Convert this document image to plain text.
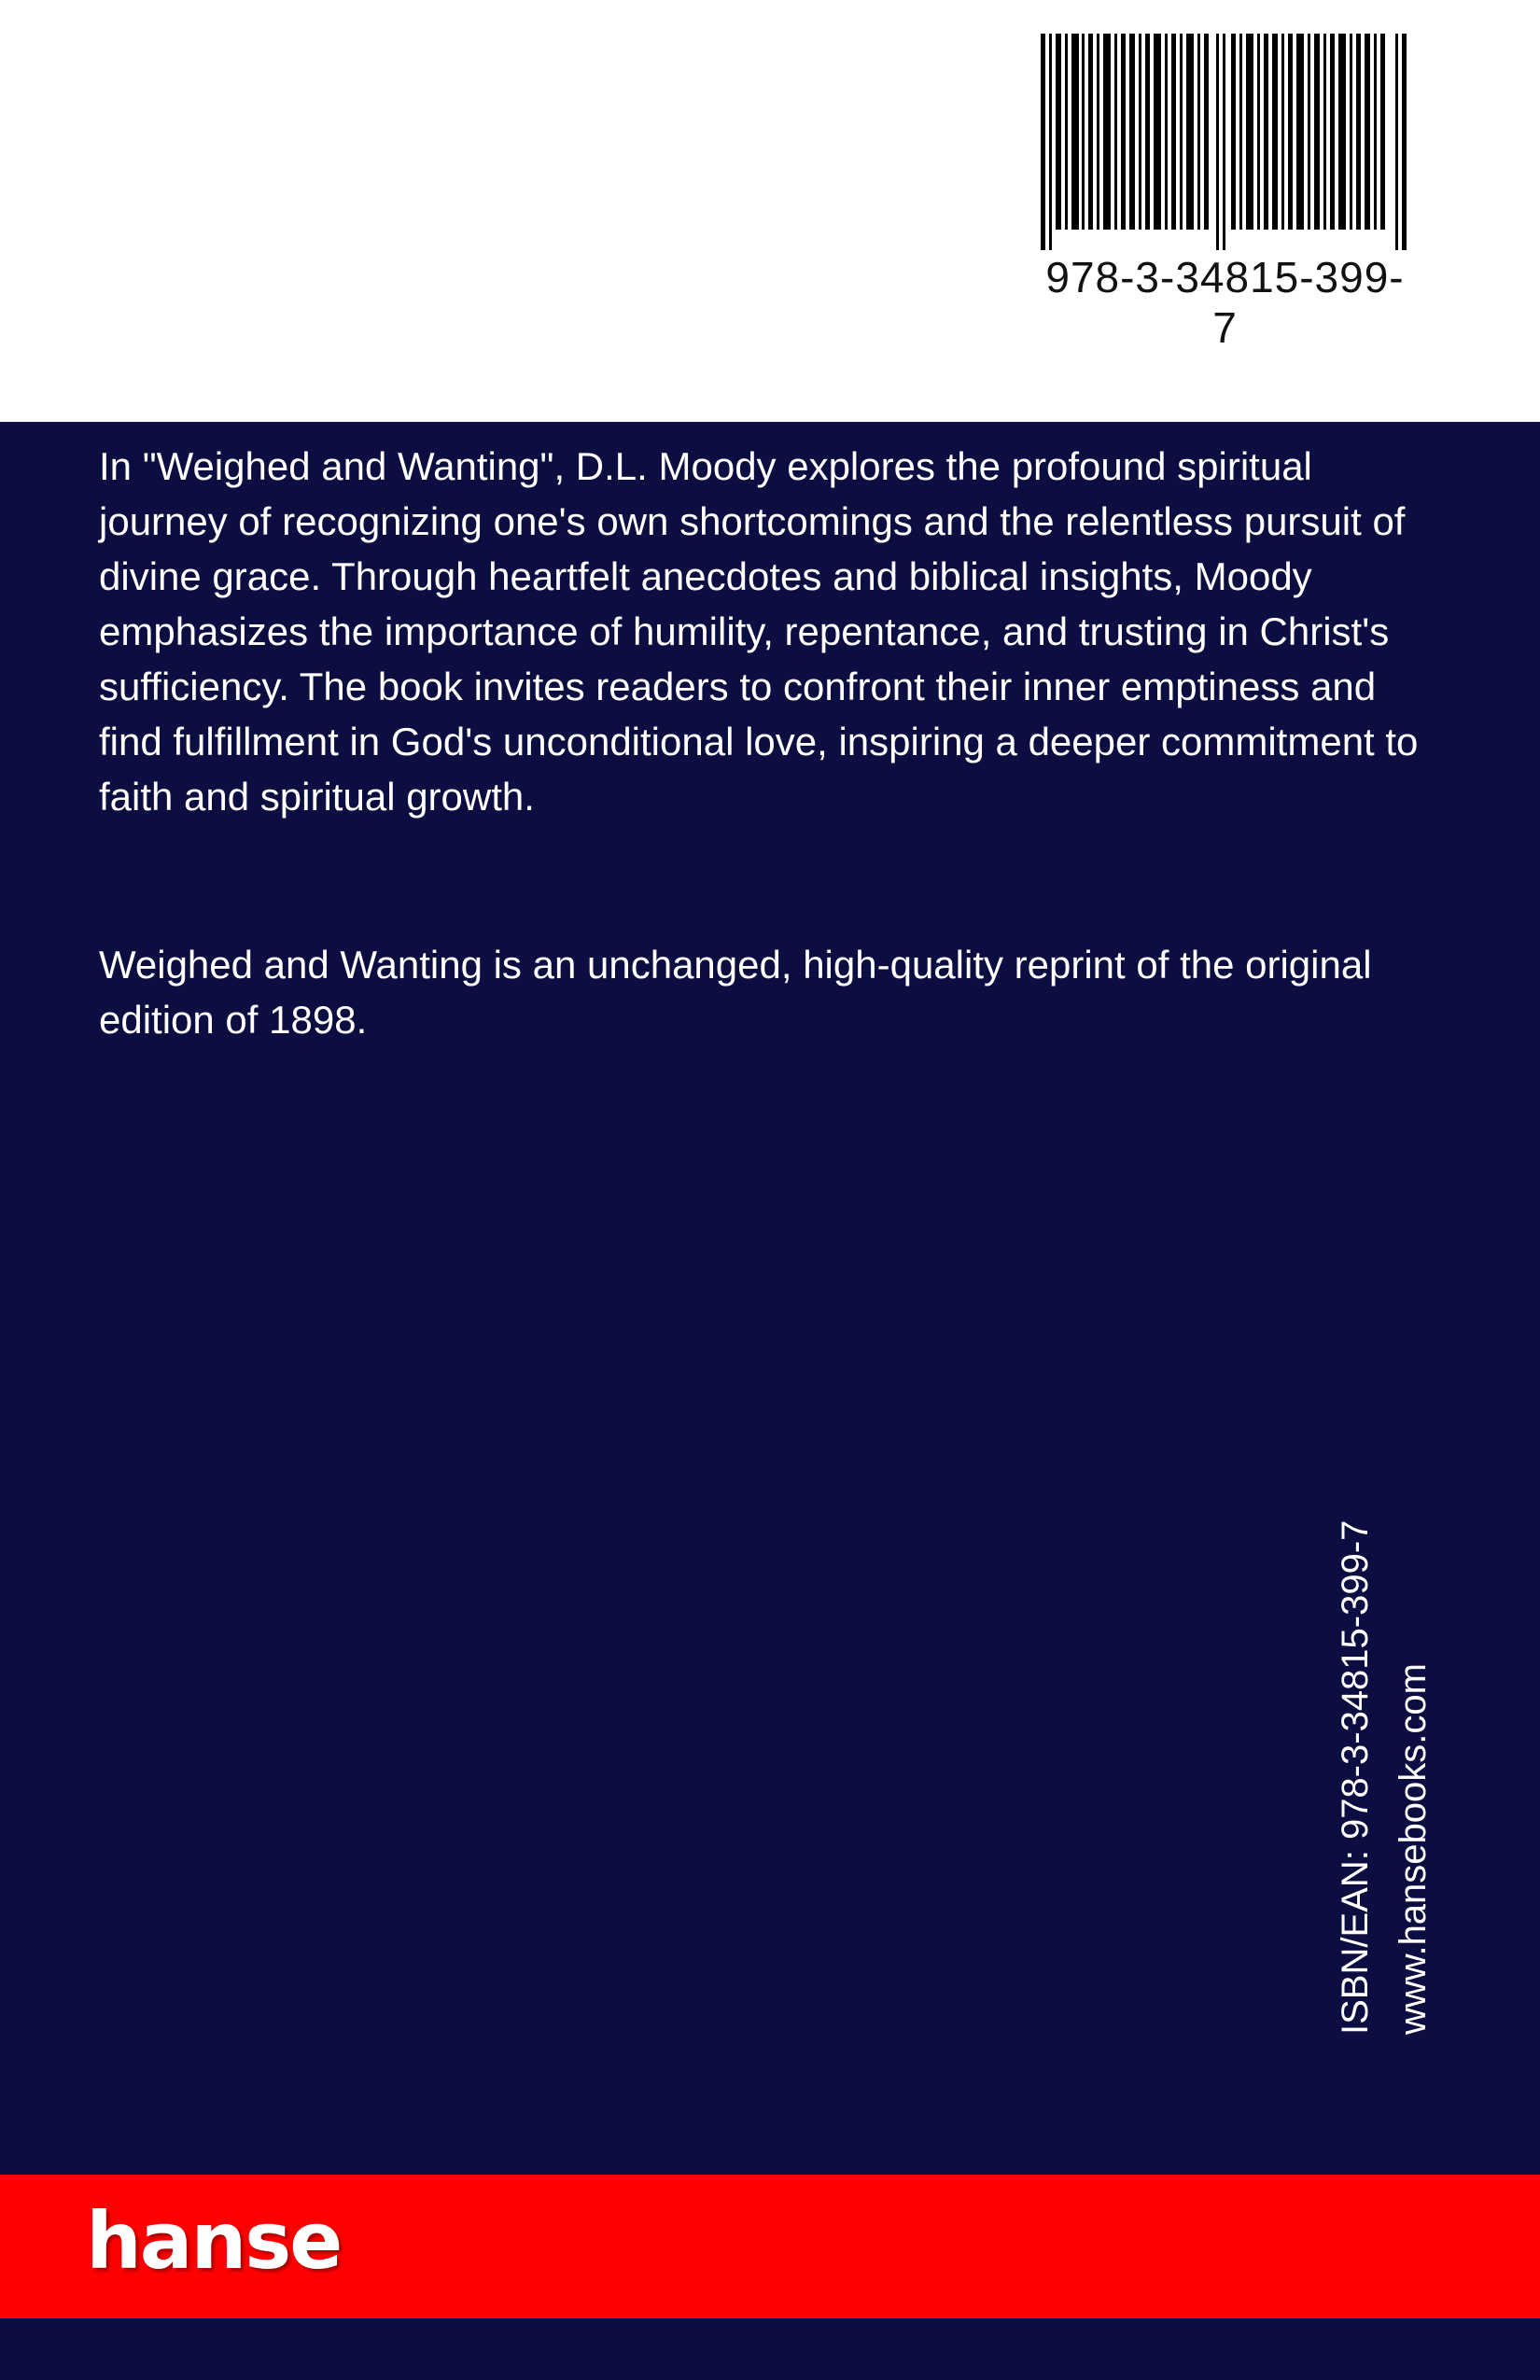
978-3-34815-399-7

In "Weighed and Wanting", D.L. Moody explores the profound spiritual journey of recognizing one's own shortcomings and the relentless pursuit of divine grace. Through heartfelt anecdotes and biblical insights, Moody emphasizes the importance of humility, repentance, and trusting in Christ's sufficiency. The book invites readers to confront their inner emptiness and find fulfillment in God's unconditional love, inspiring a deeper commitment to faith and spiritual growth.

Weighed and Wanting is an unchanged, high-quality reprint of the original edition of 1898.

ISBN/EAN: 978-3-34815-399-7 www.hansebooks.com
hanse
